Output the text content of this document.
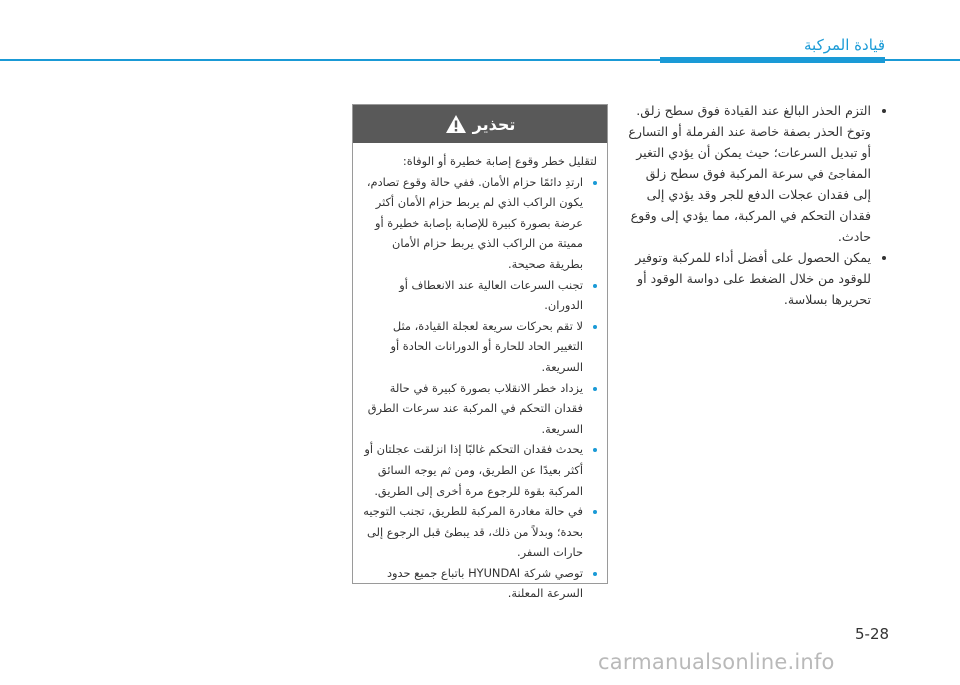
قيادة المركبة
• التزم الحذر البالغ عند القيادة فوق سطح زلق. وتوخ الحذر بصفة خاصة عند الفرملة أو التسارع أو تبديل السرعات؛ حيث يمكن أن يؤدي التغير المفاجئ في سرعة المركبة فوق سطح زلق إلى فقدان عجلات الدفع للجر وقد يؤدي إلى فقدان التحكم في المركبة، مما يؤدي إلى وقوع حادث.
• يمكن الحصول على أفضل أداء للمركبة وتوفير للوقود من خلال الضغط على دواسة الوقود أو تحريرها بسلاسة.
تحذير

لتقليل خطر وقوع إصابة خطيرة أو الوفاة:

• ارتدِ دائمًا حزام الأمان. ففي حالة وقوع تصادم، يكون الراكب الذي لم يربط حزام الأمان أكثر عرضة بصورة كبيرة للإصابة بإصابة خطيرة أو مميتة من الراكب الذي يربط حزام الأمان بطريقة صحيحة.
• تجنب السرعات العالية عند الانعطاف أو الدوران.
• لا تقم بحركات سريعة لعجلة القيادة، مثل التغيير الحاد للحارة أو الدورانات الحادة أو السريعة.
• يزداد خطر الانقلاب بصورة كبيرة في حالة فقدان التحكم في المركبة عند سرعات الطرق السريعة.
• يحدث فقدان التحكم غالبًا إذا انزلقت عجلتان أو أكثر بعيدًا عن الطريق، ومن ثم يوجه السائق المركبة بقوة للرجوع مرة أخرى إلى الطريق.
• في حالة مغادرة المركبة للطريق، تجنب التوجيه بحدة؛ وبدلاً من ذلك، قد يبطئ قبل الرجوع إلى حارات السفر.
• توصي شركة HYUNDAI باتباع جميع حدود السرعة المعلنة.
5-28
carmanualsonline.info
